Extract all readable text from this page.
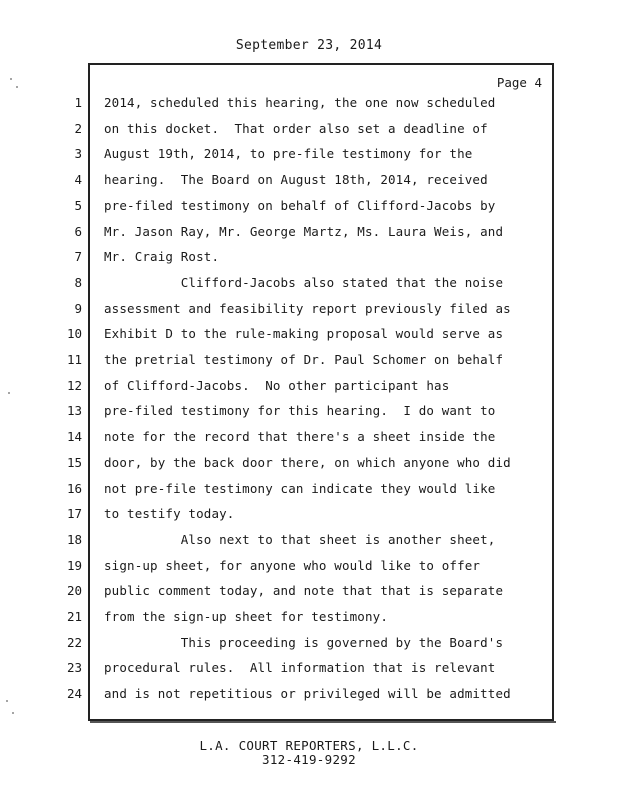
September 23, 2014
Page 4
1
2
3
4
5
6
7
8
9
10
11
12
13
14
15
16
17
18
19
20
21
22
23
24
2014, scheduled this hearing, the one now scheduled
on this docket.  That order also set a deadline of
August 19th, 2014, to pre-file testimony for the
hearing.  The Board on August 18th, 2014, received
pre-filed testimony on behalf of Clifford-Jacobs by
Mr. Jason Ray, Mr. George Martz, Ms. Laura Weis, and
Mr. Craig Rost.
Clifford-Jacobs also stated that the noise
assessment and feasibility report previously filed as
Exhibit D to the rule-making proposal would serve as
the pretrial testimony of Dr. Paul Schomer on behalf
of Clifford-Jacobs.  No other participant has
pre-filed testimony for this hearing.  I do want to
note for the record that there's a sheet inside the
door, by the back door there, on which anyone who did
not pre-file testimony can indicate they would like
to testify today.
Also next to that sheet is another sheet,
sign-up sheet, for anyone who would like to offer
public comment today, and note that that is separate
from the sign-up sheet for testimony.
This proceeding is governed by the Board's
procedural rules.  All information that is relevant
and is not repetitious or privileged will be admitted
L.A. COURT REPORTERS, L.L.C.
312-419-9292
